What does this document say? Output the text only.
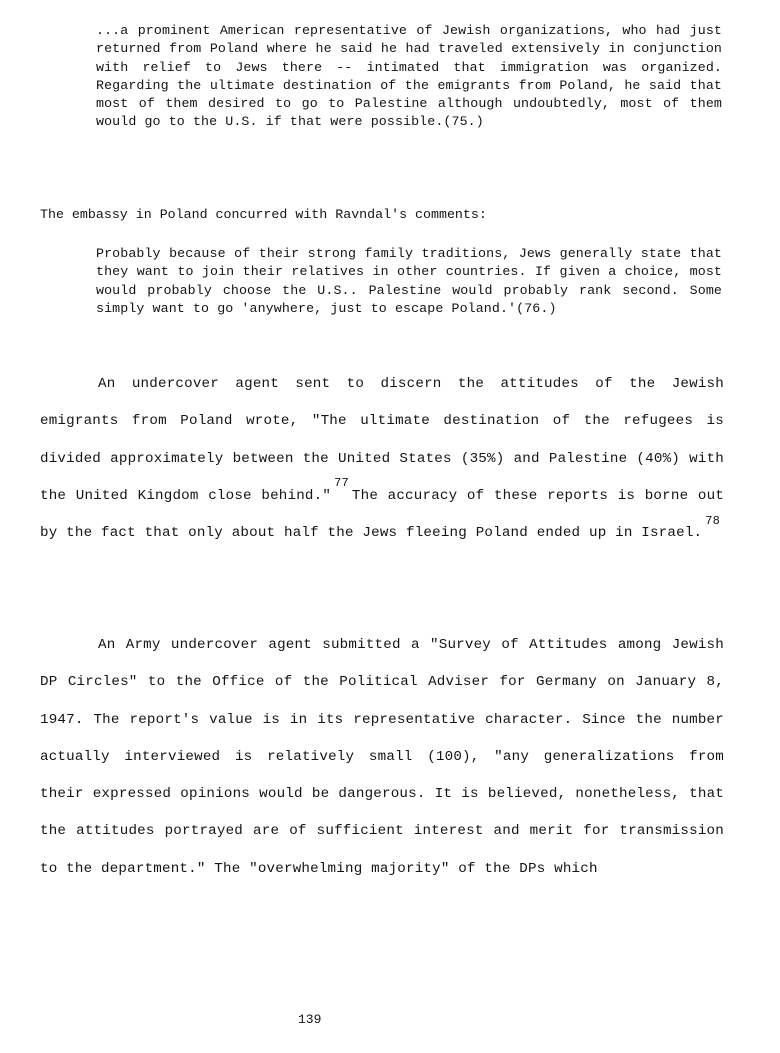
...a prominent American representative of Jewish organizations, who had just returned from Poland where he said he had traveled extensively in conjunction with relief to Jews there -- intimated that immigration was organized. Regarding the ultimate destination of the emigrants from Poland, he said that most of them desired to go to Palestine although undoubtedly, most of them would go to the U.S. if that were possible.(75.)
The embassy in Poland concurred with Ravndal's comments:
Probably because of their strong family traditions, Jews generally state that they want to join their relatives in other countries. If given a choice, most would probably choose the U.S.. Palestine would probably rank second. Some simply want to go 'anywhere, just to escape Poland.'(76.)
An undercover agent sent to discern the attitudes of the Jewish emigrants from Poland wrote, "The ultimate destination of the refugees is divided approximately between the United States (35%) and Palestine (40%) with the United Kingdom close behind."$^{77}$The accuracy of these reports is borne out by the fact that only about half the Jews fleeing Poland ended up in Israel.$^{78}$
An Army undercover agent submitted a "Survey of Attitudes among Jewish DP Circles" to the Office of the Political Adviser for Germany on January 8, 1947. The report's value is in its representative character. Since the number actually interviewed is relatively small (100), "any generalizations from their expressed opinions would be dangerous. It is believed, nonetheless, that the attitudes portrayed are of sufficient interest and merit for transmission to the department." The "overwhelming majority" of the DPs which
139
